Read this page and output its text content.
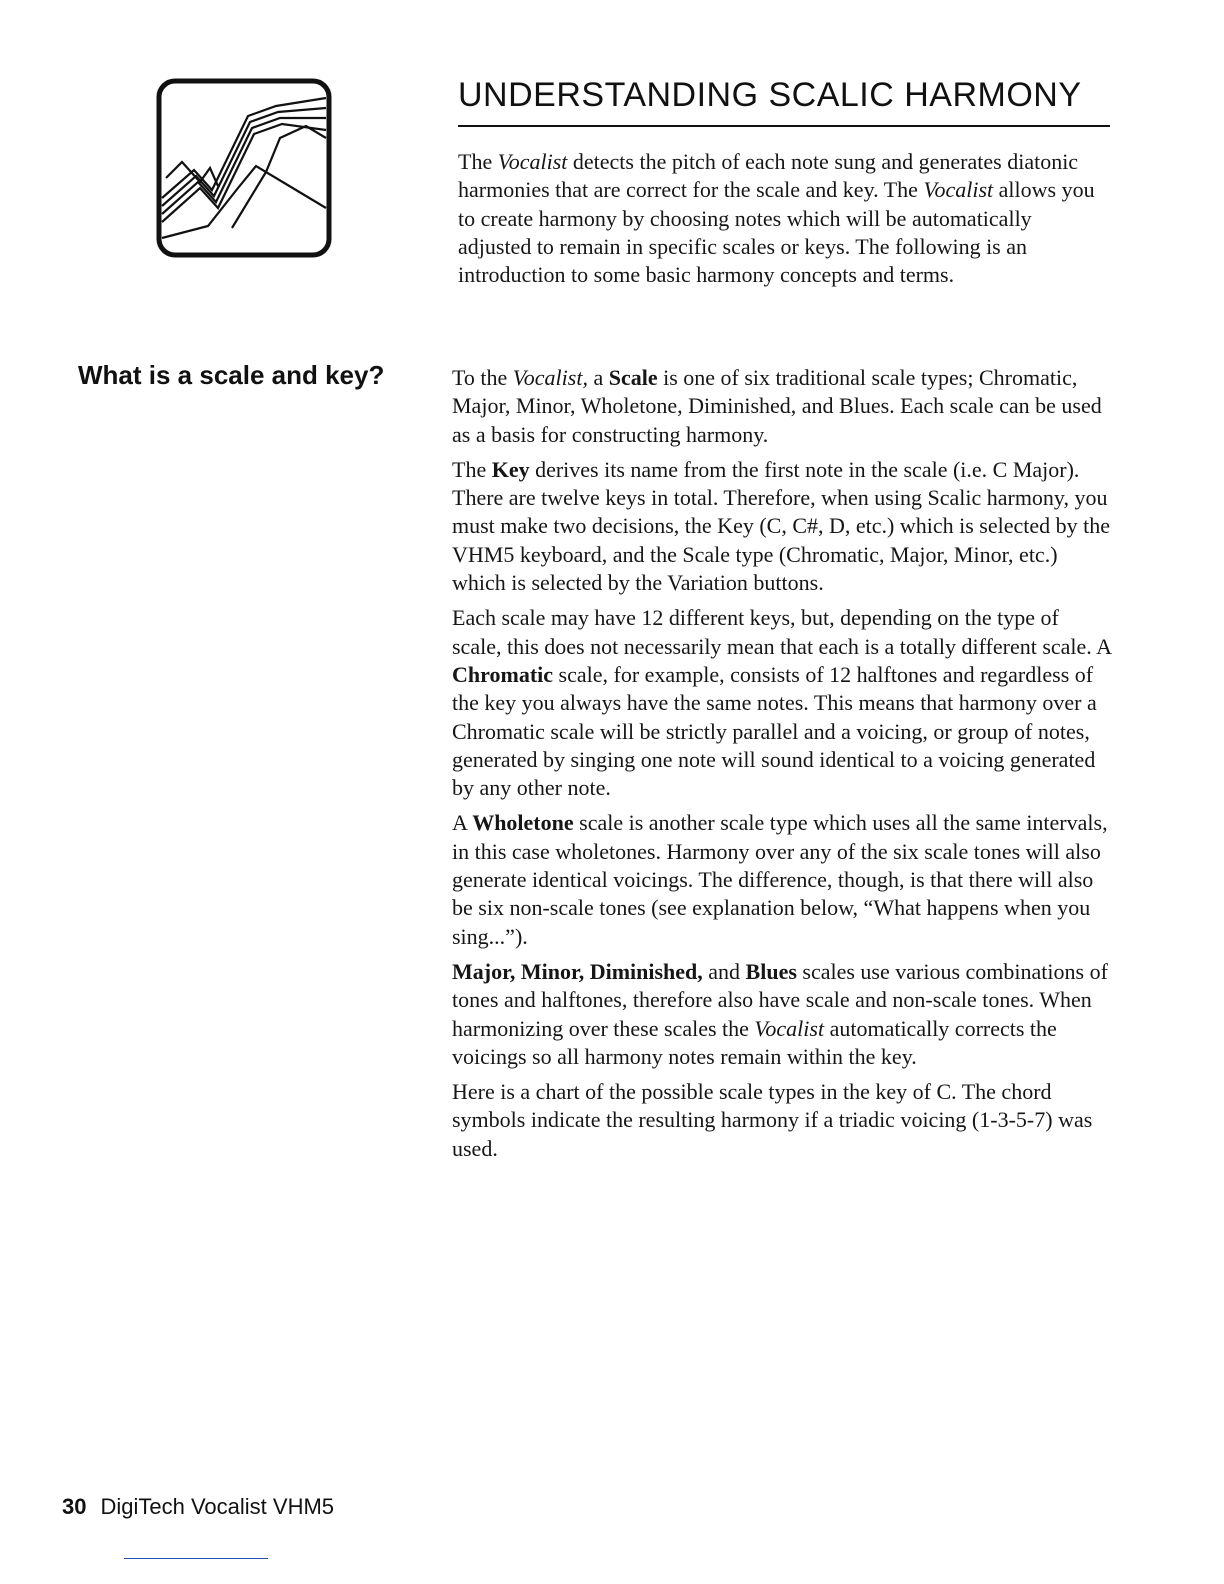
UNDERSTANDING SCALIC HARMONY

The Vocalist detects the pitch of each note sung and generates diatonic harmonies that are correct for the scale and key. The Vocalist allows you to create harmony by choosing notes which will be automatically adjusted to remain in specific scales or keys. The following is an introduction to some basic harmony concepts and terms.

What is a scale and key?	To the Vocalist, a Scale is one of six traditional scale types; Chromatic, Major, Minor, Wholetone, Diminished, and Blues. Each scale can be used as a basis for constructing harmony.

The Key derives its name from the first note in the scale (i.e. C Major). There are twelve keys in total. Therefore, when using Scalic harmony, you must make two decisions, the Key (C, C#, D, etc.) which is selected by the VHM5 keyboard, and the Scale type (Chromatic, Major, Minor, etc.) which is selected by the Variation buttons.

Each scale may have 12 different keys, but, depending on the type of scale, this does not necessarily mean that each is a totally different scale. A Chromatic scale, for example, consists of 12 halftones and regardless of the key you always have the same notes. This means that harmony over a Chromatic scale will be strictly parallel and a voicing, or group of notes, generated by singing one note will sound identical to a voicing generated by any other note.

A Wholetone scale is another scale type which uses all the same intervals, in this case wholetones. Harmony over any of the six scale tones will also generate identical voicings. The difference, though, is that there will also be six non-scale tones (see explanation below, “What happens when you sing...”).

Major, Minor, Diminished, and Blues scales use various combinations of tones and halftones, therefore also have scale and non-scale tones. When harmonizing over these scales the Vocalist automatically corrects the voicings so all harmony notes remain within the key.

Here is a chart of the possible scale types in the key of C. The chord symbols indicate the resulting harmony if a triadic voicing (1-3-5-7) was used.

30 DigiTech Vocalist VHM5
